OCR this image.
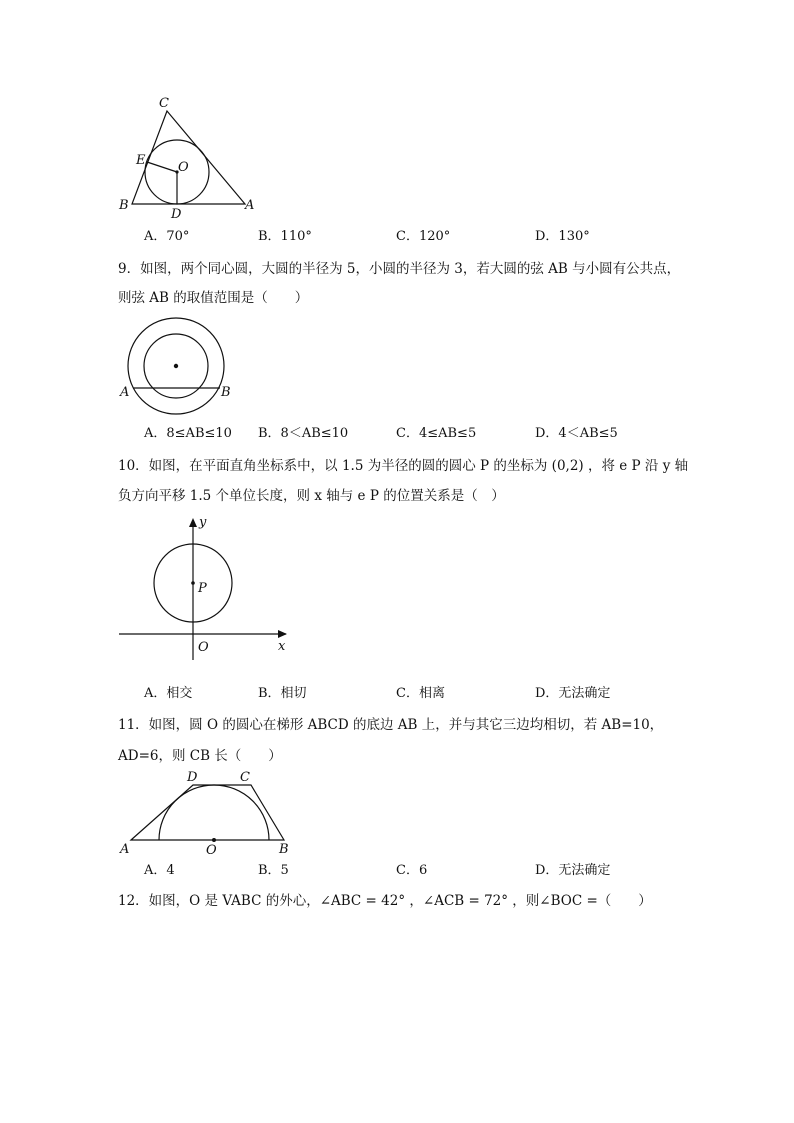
C
E	O
B
D
A
A．70°	B．110°	C．120°	D．130°
9．如图，两个同心圆，大圆的半径为 5，小圆的半径为 3，若大圆的弦 AB 与小圆有公共点，
则弦 AB 的取值范围是（　　）
A	B
A．8≤AB≤10 B．8＜AB≤10	C．4≤AB≤5	D．4＜AB≤5
10．如图，在平面直角坐标系中，以 1.5 为半径的圆的圆心 P 的坐标为 (0,2) ，将 e P 沿 y 轴
负方向平移 1.5 个单位长度，则 x 轴与 e P 的位置关系是（　）
y
P
O	x
A．相交	B．相切	C．相离	D．无法确定
11．如图，圆 O 的圆心在梯形 ABCD 的底边 AB 上，并与其它三边均相切，若 AB=10，
AD=6，则 CB 长（　　）
D	C
A	O	B
A．4	B．5	C．6	D．无法确定
12．如图，O 是 VABC 的外心，∠ABC = 42° ，∠ACB = 72° ，则∠BOC =（　　）
